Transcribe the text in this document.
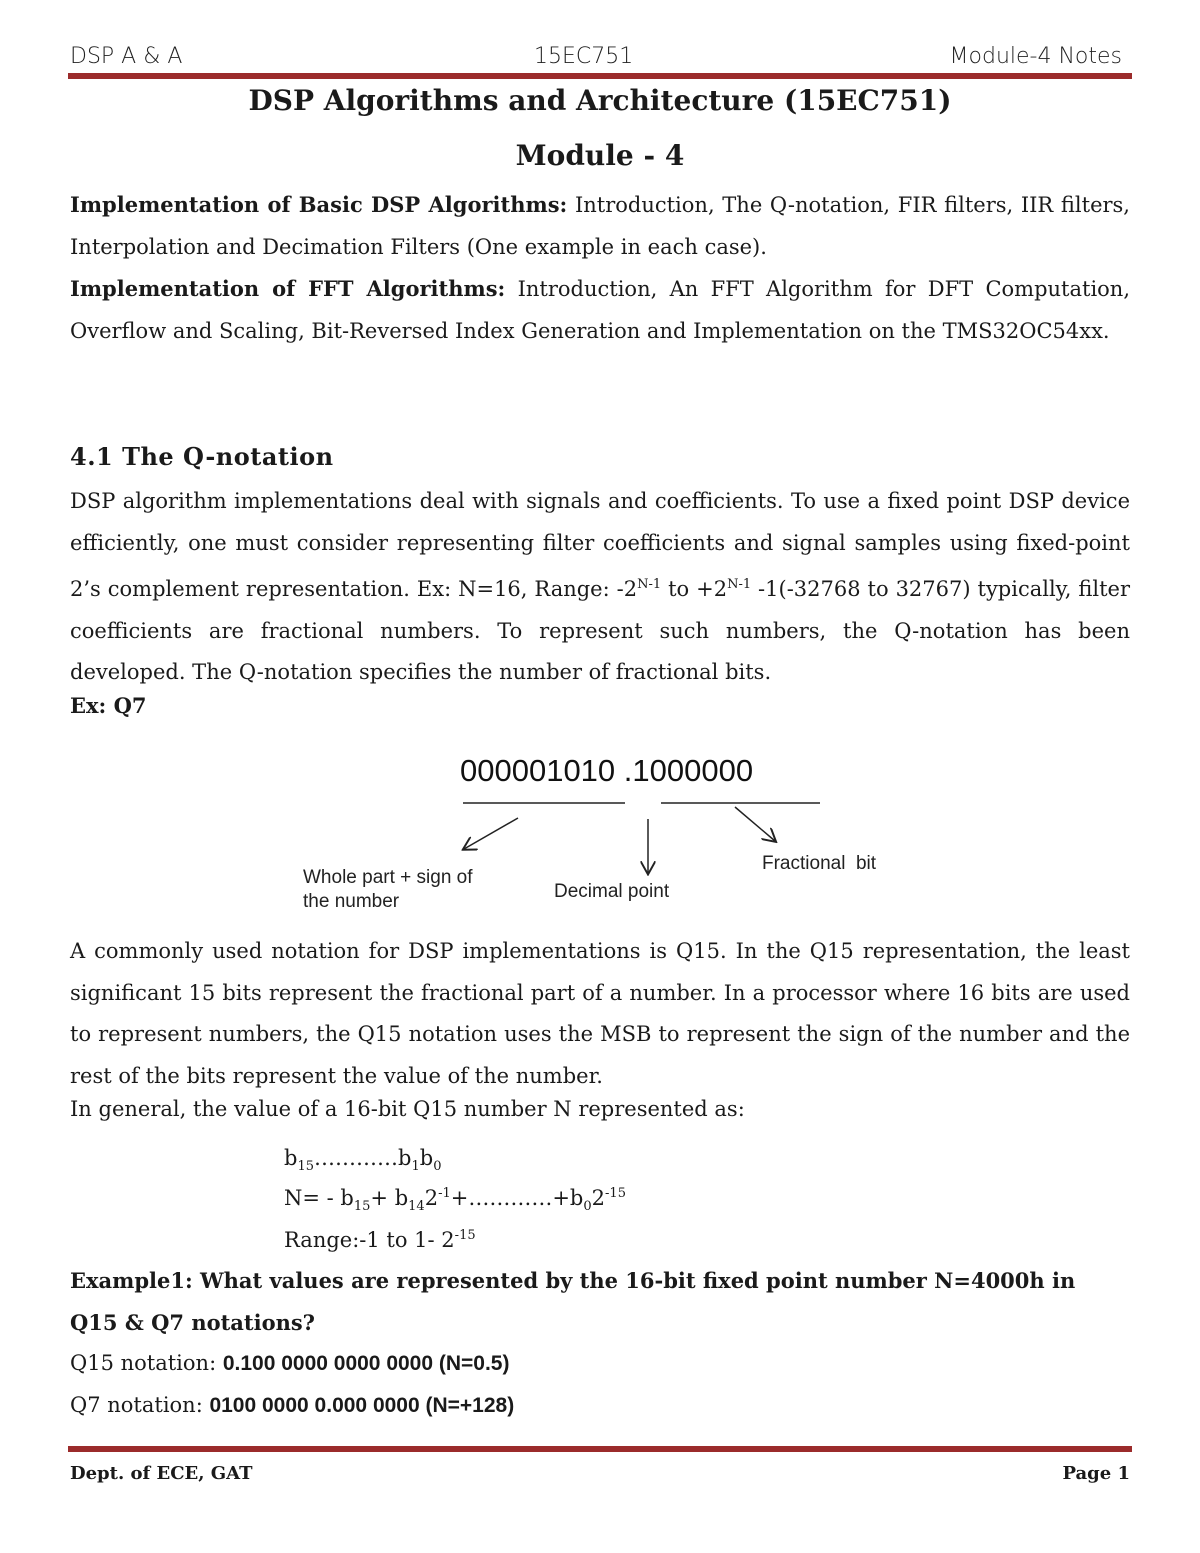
DSP A & A	15EC751	Module-4 Notes
DSP Algorithms and Architecture (15EC751)
Module - 4
Implementation of Basic DSP Algorithms: Introduction, The Q-notation, FIR filters, IIR filters, Interpolation and Decimation Filters (One example in each case).
Implementation of FFT Algorithms: Introduction, An FFT Algorithm for DFT Computation, Overflow and Scaling, Bit-Reversed Index Generation and Implementation on the TMS32OC54xx.
4.1 The Q-notation
DSP algorithm implementations deal with signals and coefficients. To use a fixed point DSP device efficiently, one must consider representing filter coefficients and signal samples using fixed-point 2’s complement representation. Ex: N=16, Range: $-2^{N-1}$ to $+2^{N-1}$ -1(-32768 to 32767) typically, filter coefficients are fractional numbers. To represent such numbers, the Q-notation has been developed. The Q-notation specifies the number of fractional bits.
Ex: Q7
000001010 .1000000
Whole part + sign of the number	Decimal point
Fractional  bit
A commonly used notation for DSP implementations is Q15. In the Q15 representation, the least significant 15 bits represent the fractional part of a number. In a processor where 16 bits are used to represent numbers, the Q15 notation uses the MSB to represent the sign of the number and the rest of the bits represent the value of the number.
In general, the value of a 16-bit Q15 number N represented as:
$b_{15}\dots\dots\dots\dots b_1b_0$
$N= - b_{15}+$ $b_{14}2^{-1}+\dots\dots\dots\dots+b_02^{-15}$
Range:-1 to 1- $2^{-15}$
Example1: What values are represented by the 16-bit fixed point number N=4000h in
Q15 & Q7 notations?
Q15 notation: 0.100 0000 0000 0000 (N=0.5)
Q7 notation: 0100 0000 0.000 0000 (N=+128)
Dept. of ECE, GAT	Page 1
